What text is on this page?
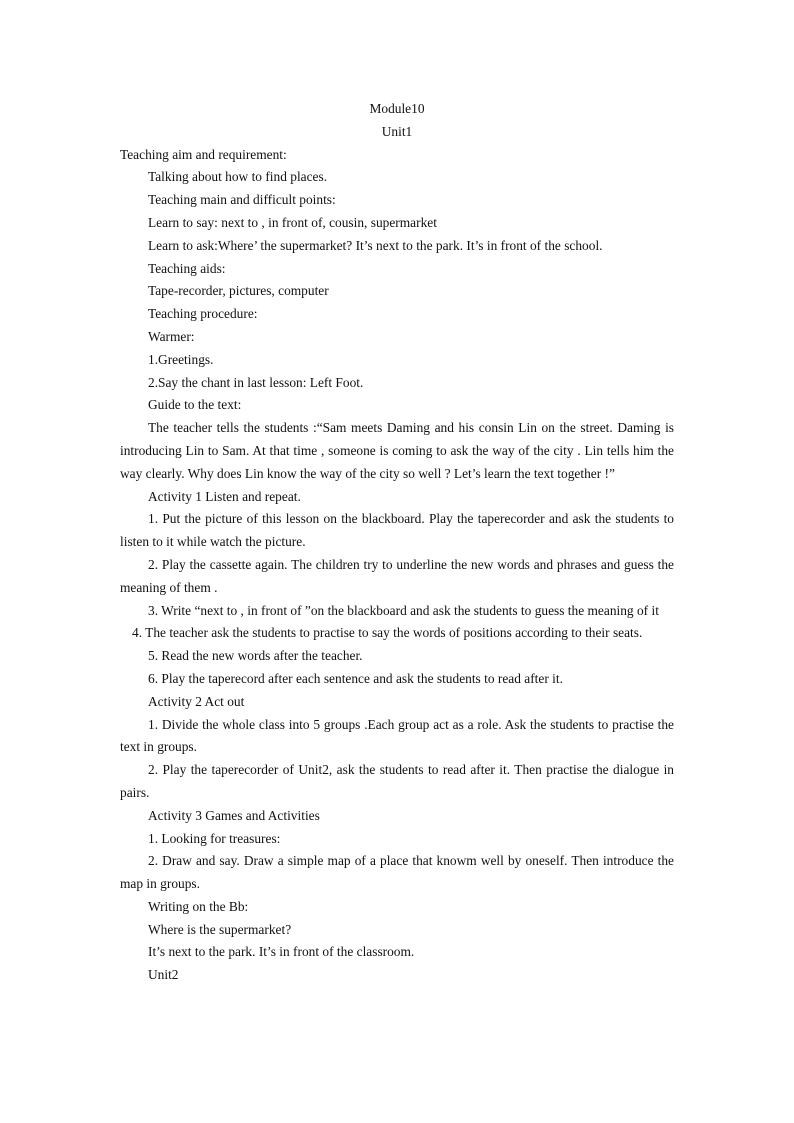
Module10

Unit1

Teaching aim and requirement:

Talking about how to find places.

Teaching main and difficult points:

Learn to say: next to , in front of, cousin, supermarket

Learn to ask:Where’ the supermarket? It’s next to the park. It’s in front of the school.

Teaching aids:

Tape-recorder, pictures, computer

Teaching procedure:

Warmer:

1.Greetings.

2.Say the chant in last lesson: Left Foot.

Guide to the text:

The teacher tells the students :“Sam meets Daming and his consin Lin on the street. Daming is introducing Lin to Sam. At that time , someone is coming to ask the way of the city . Lin tells him the way clearly. Why does Lin know the way of the city so well ? Let’s learn the text together !”

Activity 1 Listen and repeat.

1. Put the picture of this lesson on the blackboard. Play the taperecorder and ask the students to listen to it while watch the picture.

2. Play the cassette again. The children try to underline the new words and phrases and guess the meaning of them .

3. Write “next to , in front of ”on the blackboard and ask the students to guess the meaning of it

4. The teacher ask the students to practise to say the words of positions according to their seats.

5. Read the new words after the teacher.

6. Play the taperecord after each sentence and ask the students to read after it.

Activity 2 Act out

1. Divide the whole class into 5 groups .Each group act as a role. Ask the students to practise the text in groups.

2. Play the taperecorder of Unit2, ask the students to read after it. Then practise the dialogue in pairs.

Activity 3 Games and Activities

1. Looking for treasures:

2. Draw and say. Draw a simple map of a place that knowm well by oneself. Then introduce the map in groups.

Writing on the Bb:

Where is the supermarket?

It’s next to the park. It’s in front of the classroom.

Unit2
